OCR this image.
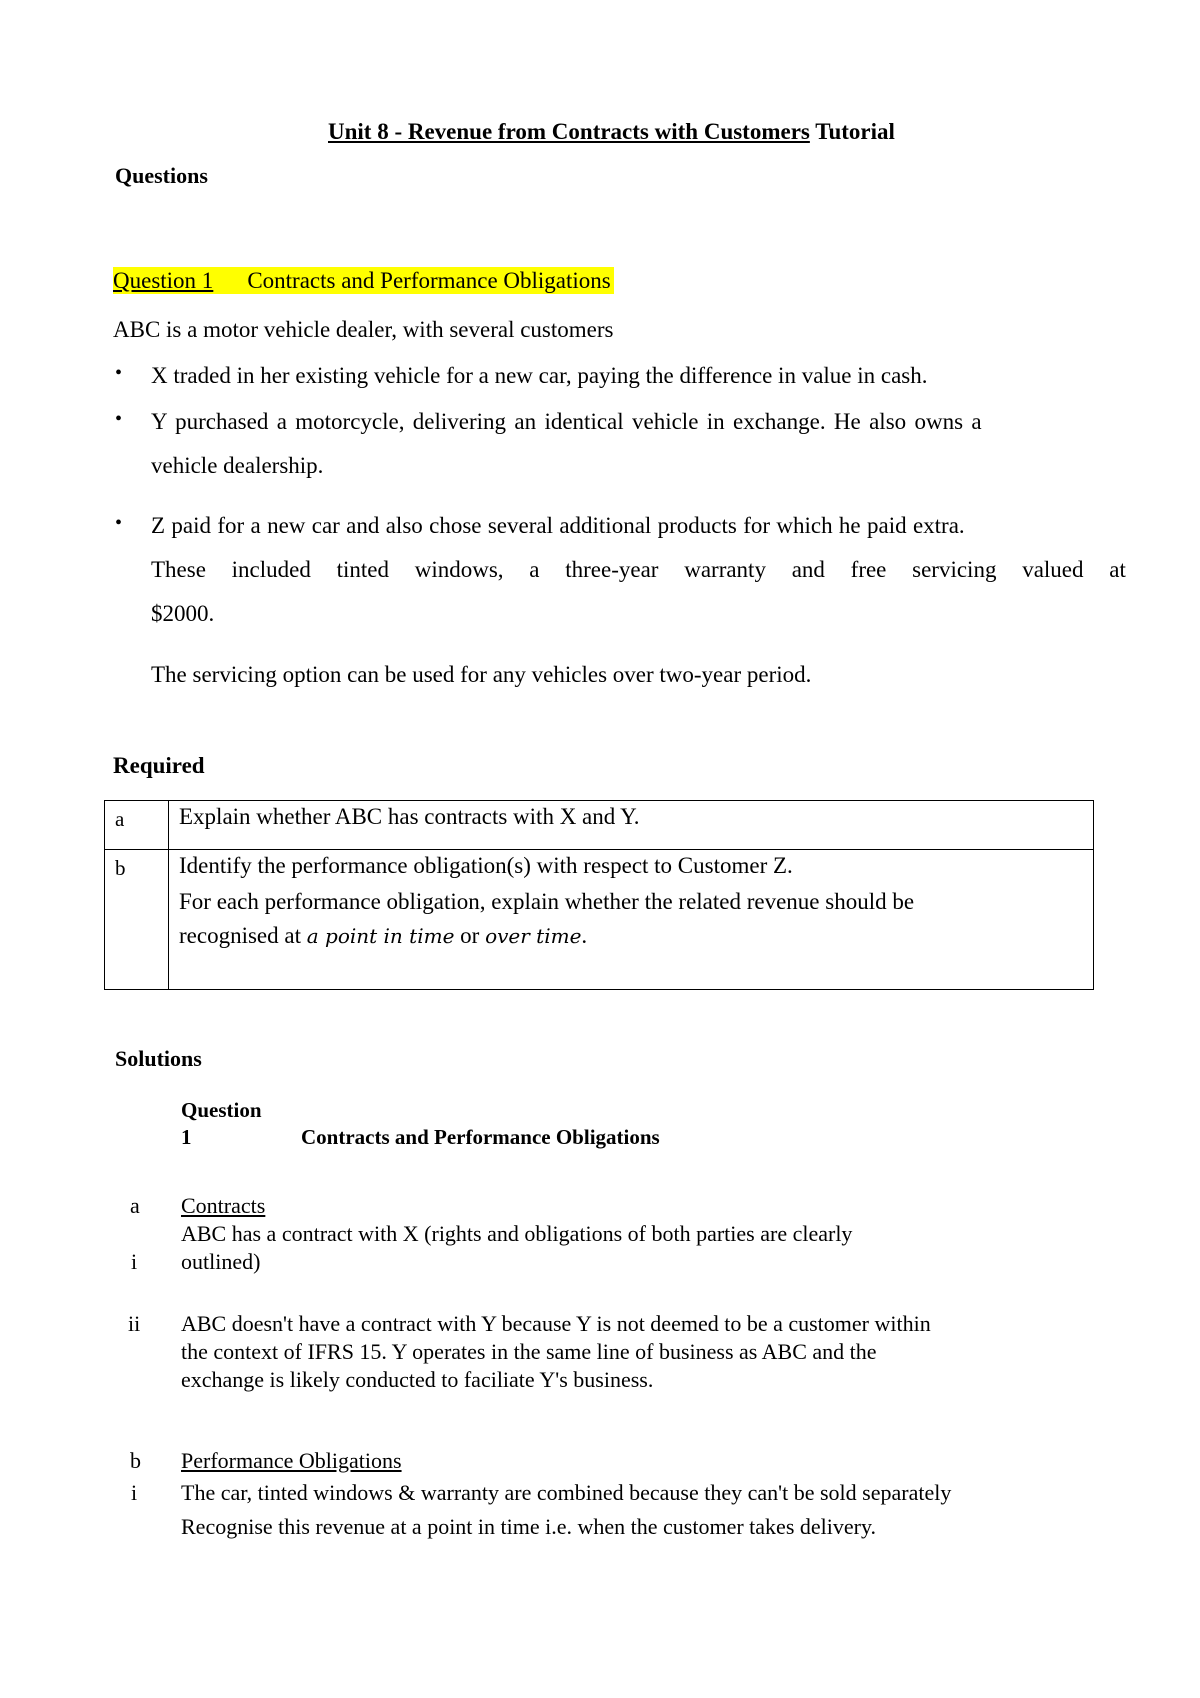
Unit 8 - Revenue from Contracts with Customers Tutorial
Questions
Question 1 Contracts and Performance Obligations
ABC is a motor vehicle dealer, with several customers
• X traded in her existing vehicle for a new car, paying the difference in value in cash.
• Y purchased a motorcycle, delivering an identical vehicle in exchange. He also owns a
vehicle dealership.
• Z paid for a new car and also chose several additional products for which he paid extra.
These included tinted windows, a three-year warranty and free servicing valued at
$2000.
The servicing option can be used for any vehicles over two-year period.
Required
a	Explain whether ABC has contracts with X and Y.
b	Identify the performance obligation(s) with respect to Customer Z.
For each performance obligation, explain whether the related revenue should be
recognised at a point in time or over time.
Solutions
Question
1	Contracts and Performance Obligations
a Contracts
ABC has a contract with X (rights and obligations of both parties are clearly
i outlined)
ii ABC doesn't have a contract with Y because Y is not deemed to be a customer within
the context of IFRS 15. Y operates in the same line of business as ABC and the
exchange is likely conducted to faciliate Y's business.
b Performance Obligations
i The car, tinted windows & warranty are combined because they can't be sold separately
Recognise this revenue at a point in time i.e. when the customer takes delivery.
